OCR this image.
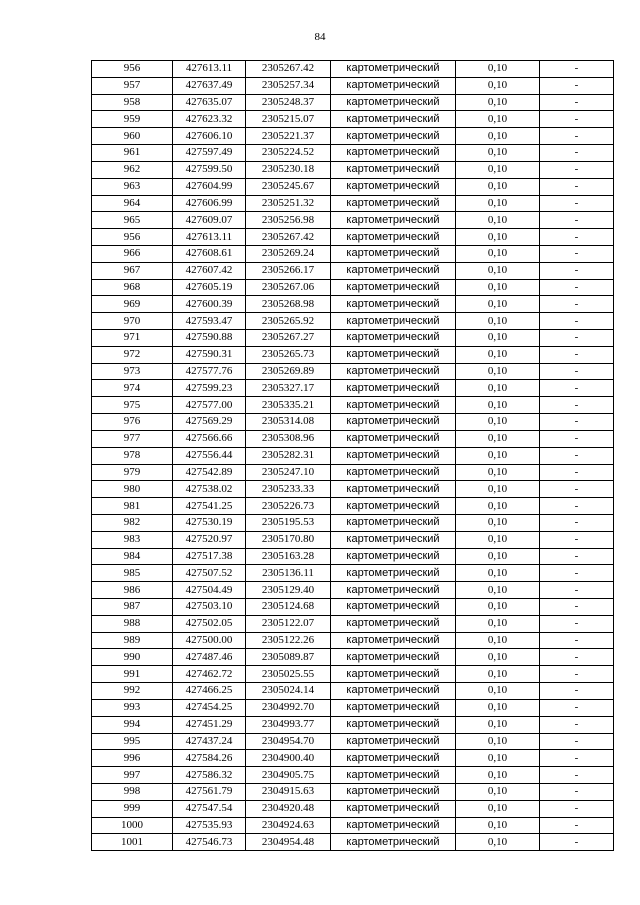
84
956	427613.11	2305267.42	картометрический	0,10	-
957	427637.49	2305257.34	картометрический	0,10	-
958	427635.07	2305248.37	картометрический	0,10	-
959	427623.32	2305215.07	картометрический	0,10	-
960	427606.10	2305221.37	картометрический	0,10	-
961	427597.49	2305224.52	картометрический	0,10	-
962	427599.50	2305230.18	картометрический	0,10	-
963	427604.99	2305245.67	картометрический	0,10	-
964	427606.99	2305251.32	картометрический	0,10	-
965	427609.07	2305256.98	картометрический	0,10	-
956	427613.11	2305267.42	картометрический	0,10	-
966	427608.61	2305269.24	картометрический	0,10	-
967	427607.42	2305266.17	картометрический	0,10	-
968	427605.19	2305267.06	картометрический	0,10	-
969	427600.39	2305268.98	картометрический	0,10	-
970	427593.47	2305265.92	картометрический	0,10	-
971	427590.88	2305267.27	картометрический	0,10	-
972	427590.31	2305265.73	картометрический	0,10	-
973	427577.76	2305269.89	картометрический	0,10	-
974	427599.23	2305327.17	картометрический	0,10	-
975	427577.00	2305335.21	картометрический	0,10	-
976	427569.29	2305314.08	картометрический	0,10	-
977	427566.66	2305308.96	картометрический	0,10	-
978	427556.44	2305282.31	картометрический	0,10	-
979	427542.89	2305247.10	картометрический	0,10	-
980	427538.02	2305233.33	картометрический	0,10	-
981	427541.25	2305226.73	картометрический	0,10	-
982	427530.19	2305195.53	картометрический	0,10	-
983	427520.97	2305170.80	картометрический	0,10	-
984	427517.38	2305163.28	картометрический	0,10	-
985	427507.52	2305136.11	картометрический	0,10	-
986	427504.49	2305129.40	картометрический	0,10	-
987	427503.10	2305124.68	картометрический	0,10	-
988	427502.05	2305122.07	картометрический	0,10	-
989	427500.00	2305122.26	картометрический	0,10	-
990	427487.46	2305089.87	картометрический	0,10	-
991	427462.72	2305025.55	картометрический	0,10	-
992	427466.25	2305024.14	картометрический	0,10	-
993	427454.25	2304992.70	картометрический	0,10	-
994	427451.29	2304993.77	картометрический	0,10	-
995	427437.24	2304954.70	картометрический	0,10	-
996	427584.26	2304900.40	картометрический	0,10	-
997	427586.32	2304905.75	картометрический	0,10	-
998	427561.79	2304915.63	картометрический	0,10	-
999	427547.54	2304920.48	картометрический	0,10	-
1000	427535.93	2304924.63	картометрический	0,10	-
1001	427546.73	2304954.48	картометрический	0,10	-
